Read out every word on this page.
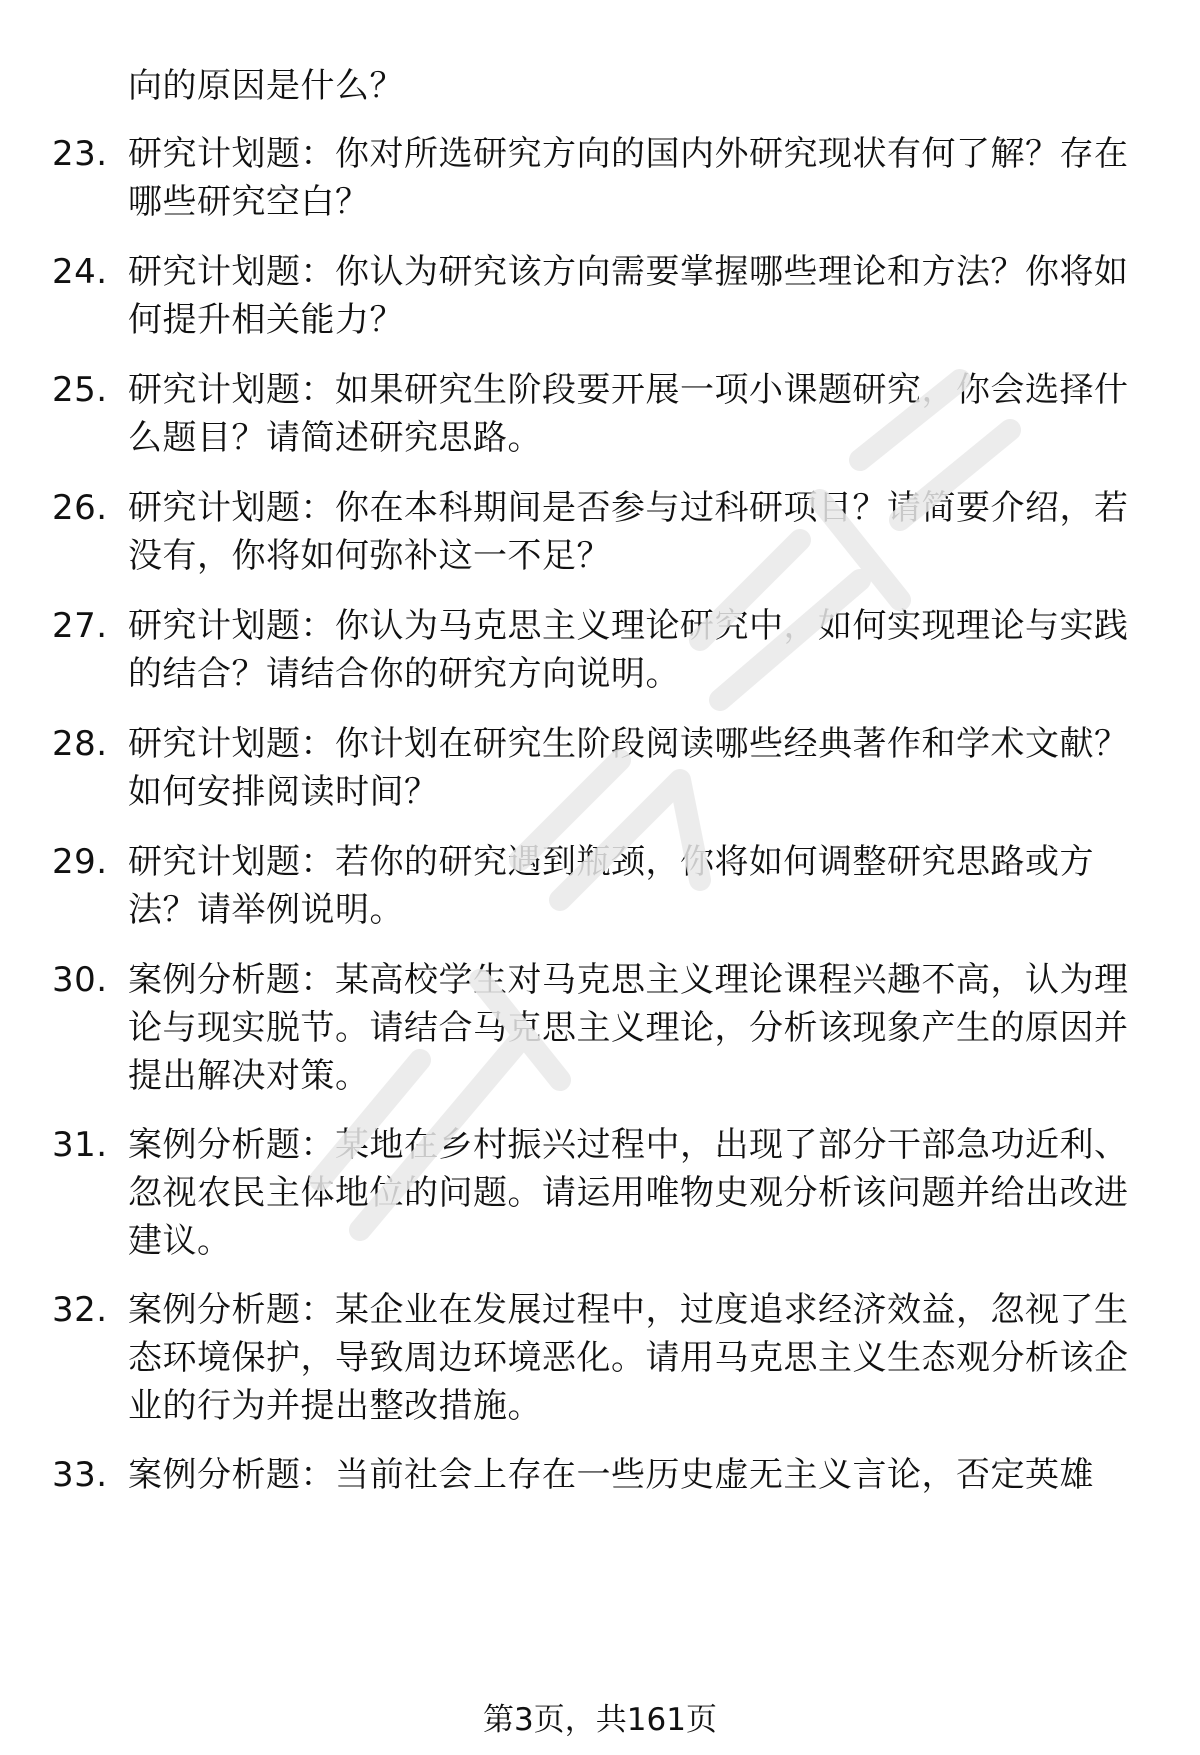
向的原因是什么？
23. 研究计划题：你对所选研究方向的国内外研究现状有何了解？存在哪些研究空白？
24. 研究计划题：你认为研究该方向需要掌握哪些理论和方法？你将如何提升相关能力？
25. 研究计划题：如果研究生阶段要开展一项小课题研究，你会选择什么题目？请简述研究思路。
26. 研究计划题：你在本科期间是否参与过科研项目？请简要介绍，若没有，你将如何弥补这一不足？
27. 研究计划题：你认为马克思主义理论研究中，如何实现理论与实践的结合？请结合你的研究方向说明。
28. 研究计划题：你计划在研究生阶段阅读哪些经典著作和学术文献？如何安排阅读时间？
29. 研究计划题：若你的研究遇到瓶颈，你将如何调整研究思路或方法？请举例说明。
30. 案例分析题：某高校学生对马克思主义理论课程兴趣不高，认为理论与现实脱节。请结合马克思主义理论，分析该现象产生的原因并提出解决对策。
31. 案例分析题：某地在乡村振兴过程中，出现了部分干部急功近利、忽视农民主体地位的问题。请运用唯物史观分析该问题并给出改进建议。
32. 案例分析题：某企业在发展过程中，过度追求经济效益，忽视了生态环境保护，导致周边环境恶化。请用马克思主义生态观分析该企业的行为并提出整改措施。
33. 案例分析题：当前社会上存在一些历史虚无主义言论，否定英雄
第3页，共161页
